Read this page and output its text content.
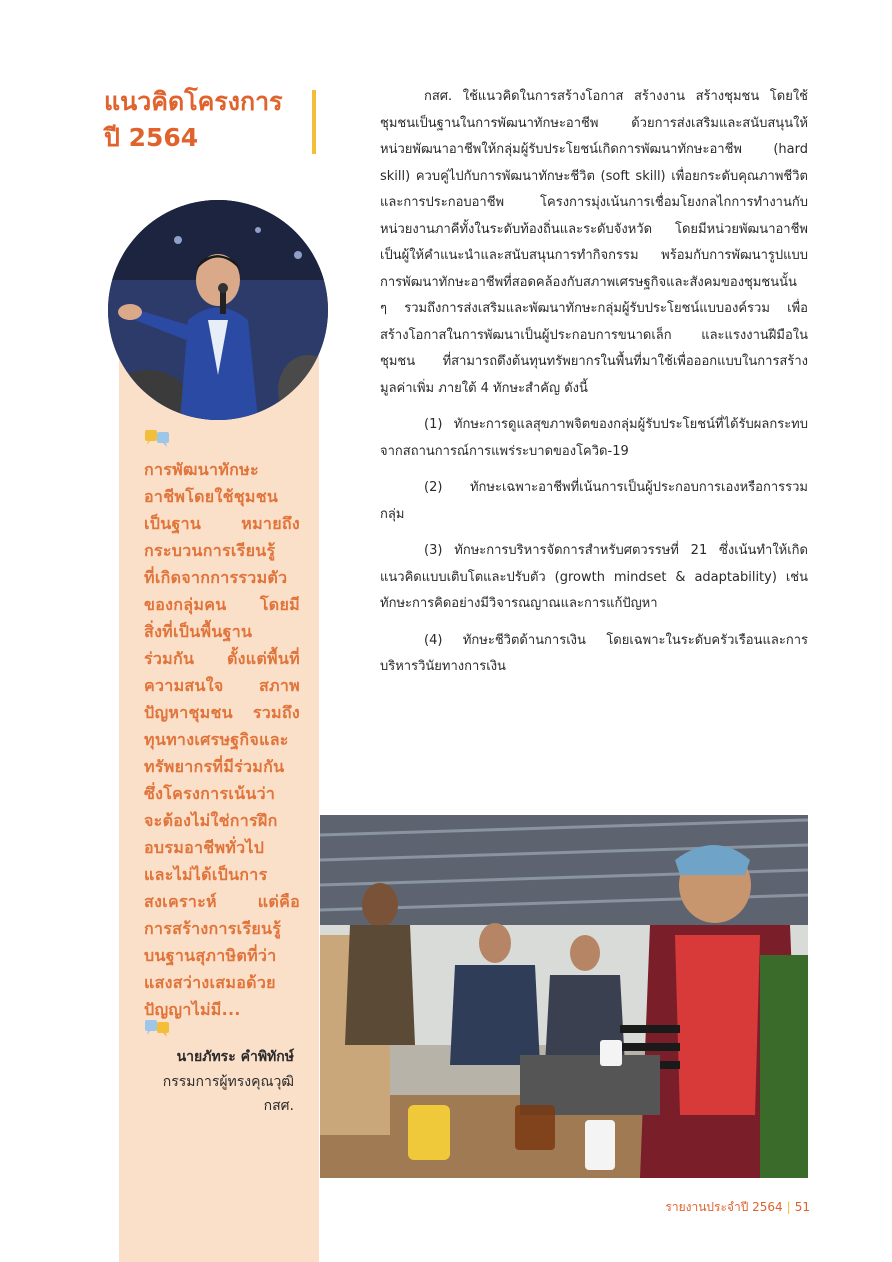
แนวคิดโครงการ
ปี 2564
การพัฒนาทักษะ
อาชีพโดยใช้ชุมชน
เป็นฐาน หมายถึง
กระบวนการเรียนรู้
ที่เกิดจากการรวมตัว
ของกลุ่มคน โดยมี
สิ่งที่เป็นพื้นฐาน
ร่วมกัน ตั้งแต่พื้นที่
ความสนใจ สภาพ
ปัญหาชุมชน รวมถึง
ทุนทางเศรษฐกิจและ
ทรัพยากรที่มีร่วมกัน
ซึ่งโครงการเน้นว่า
จะต้องไม่ใช่การฝึก
อบรมอาชีพทั่วไป
และไม่ได้เป็นการ
สงเคราะห์ แต่คือ
การสร้างการเรียนรู้
บนฐานสุภาษิตที่ว่า
แสงสว่างเสมอด้วย
ปัญญาไม่มี...
นายภัทระ คำพิทักษ์
กรรมการผู้ทรงคุณวุฒิ
กสศ.

กสศ. ใช้แนวคิดในการสร้างโอกาส สร้างงาน สร้างชุมชน โดยใช้ชุมชนเป็นฐานในการพัฒนาทักษะอาชีพ ด้วยการส่งเสริมและสนับสนุนให้หน่วยพัฒนาอาชีพให้กลุ่มผู้รับประโยชน์เกิดการพัฒนาทักษะอาชีพ (hard skill) ควบคู่ไปกับการพัฒนาทักษะชีวิต (soft skill) เพื่อยกระดับคุณภาพชีวิตและการประกอบอาชีพ โครงการมุ่งเน้นการเชื่อมโยงกลไกการทำงานกับหน่วยงานภาคีทั้งในระดับท้องถิ่นและระดับจังหวัด โดยมีหน่วยพัฒนาอาชีพเป็นผู้ให้คำแนะนำและสนับสนุนการทำกิจกรรม พร้อมกับการพัฒนารูปแบบการพัฒนาทักษะอาชีพที่สอดคล้องกับสภาพเศรษฐกิจและสังคมของชุมชนนั้น ๆ รวมถึงการส่งเสริมและพัฒนาทักษะกลุ่มผู้รับประโยชน์แบบองค์รวม เพื่อสร้างโอกาสในการพัฒนาเป็นผู้ประกอบการขนาดเล็ก และแรงงานฝีมือในชุมชน ที่สามารถดึงต้นทุนทรัพยากรในพื้นที่มาใช้เพื่อออกแบบในการสร้างมูลค่าเพิ่ม ภายใต้ 4 ทักษะสำคัญ ดังนี้

(1) ทักษะการดูแลสุขภาพจิตของกลุ่มผู้รับประโยชน์ที่ได้รับผลกระทบจากสถานการณ์การแพร่ระบาดของโควิด-19

(2) ทักษะเฉพาะอาชีพที่เน้นการเป็นผู้ประกอบการเองหรือการรวมกลุ่ม

(3) ทักษะการบริหารจัดการสำหรับศตวรรษที่ 21 ซึ่งเน้นทำให้เกิดแนวคิดแบบเติบโตและปรับตัว (growth mindset & adaptability) เช่น ทักษะการคิดอย่างมีวิจารณญาณและการแก้ปัญหา

(4) ทักษะชีวิตด้านการเงิน โดยเฉพาะในระดับครัวเรือนและการบริหารวินัยทางการเงิน

รายงานประจำปี 2564 | 51
